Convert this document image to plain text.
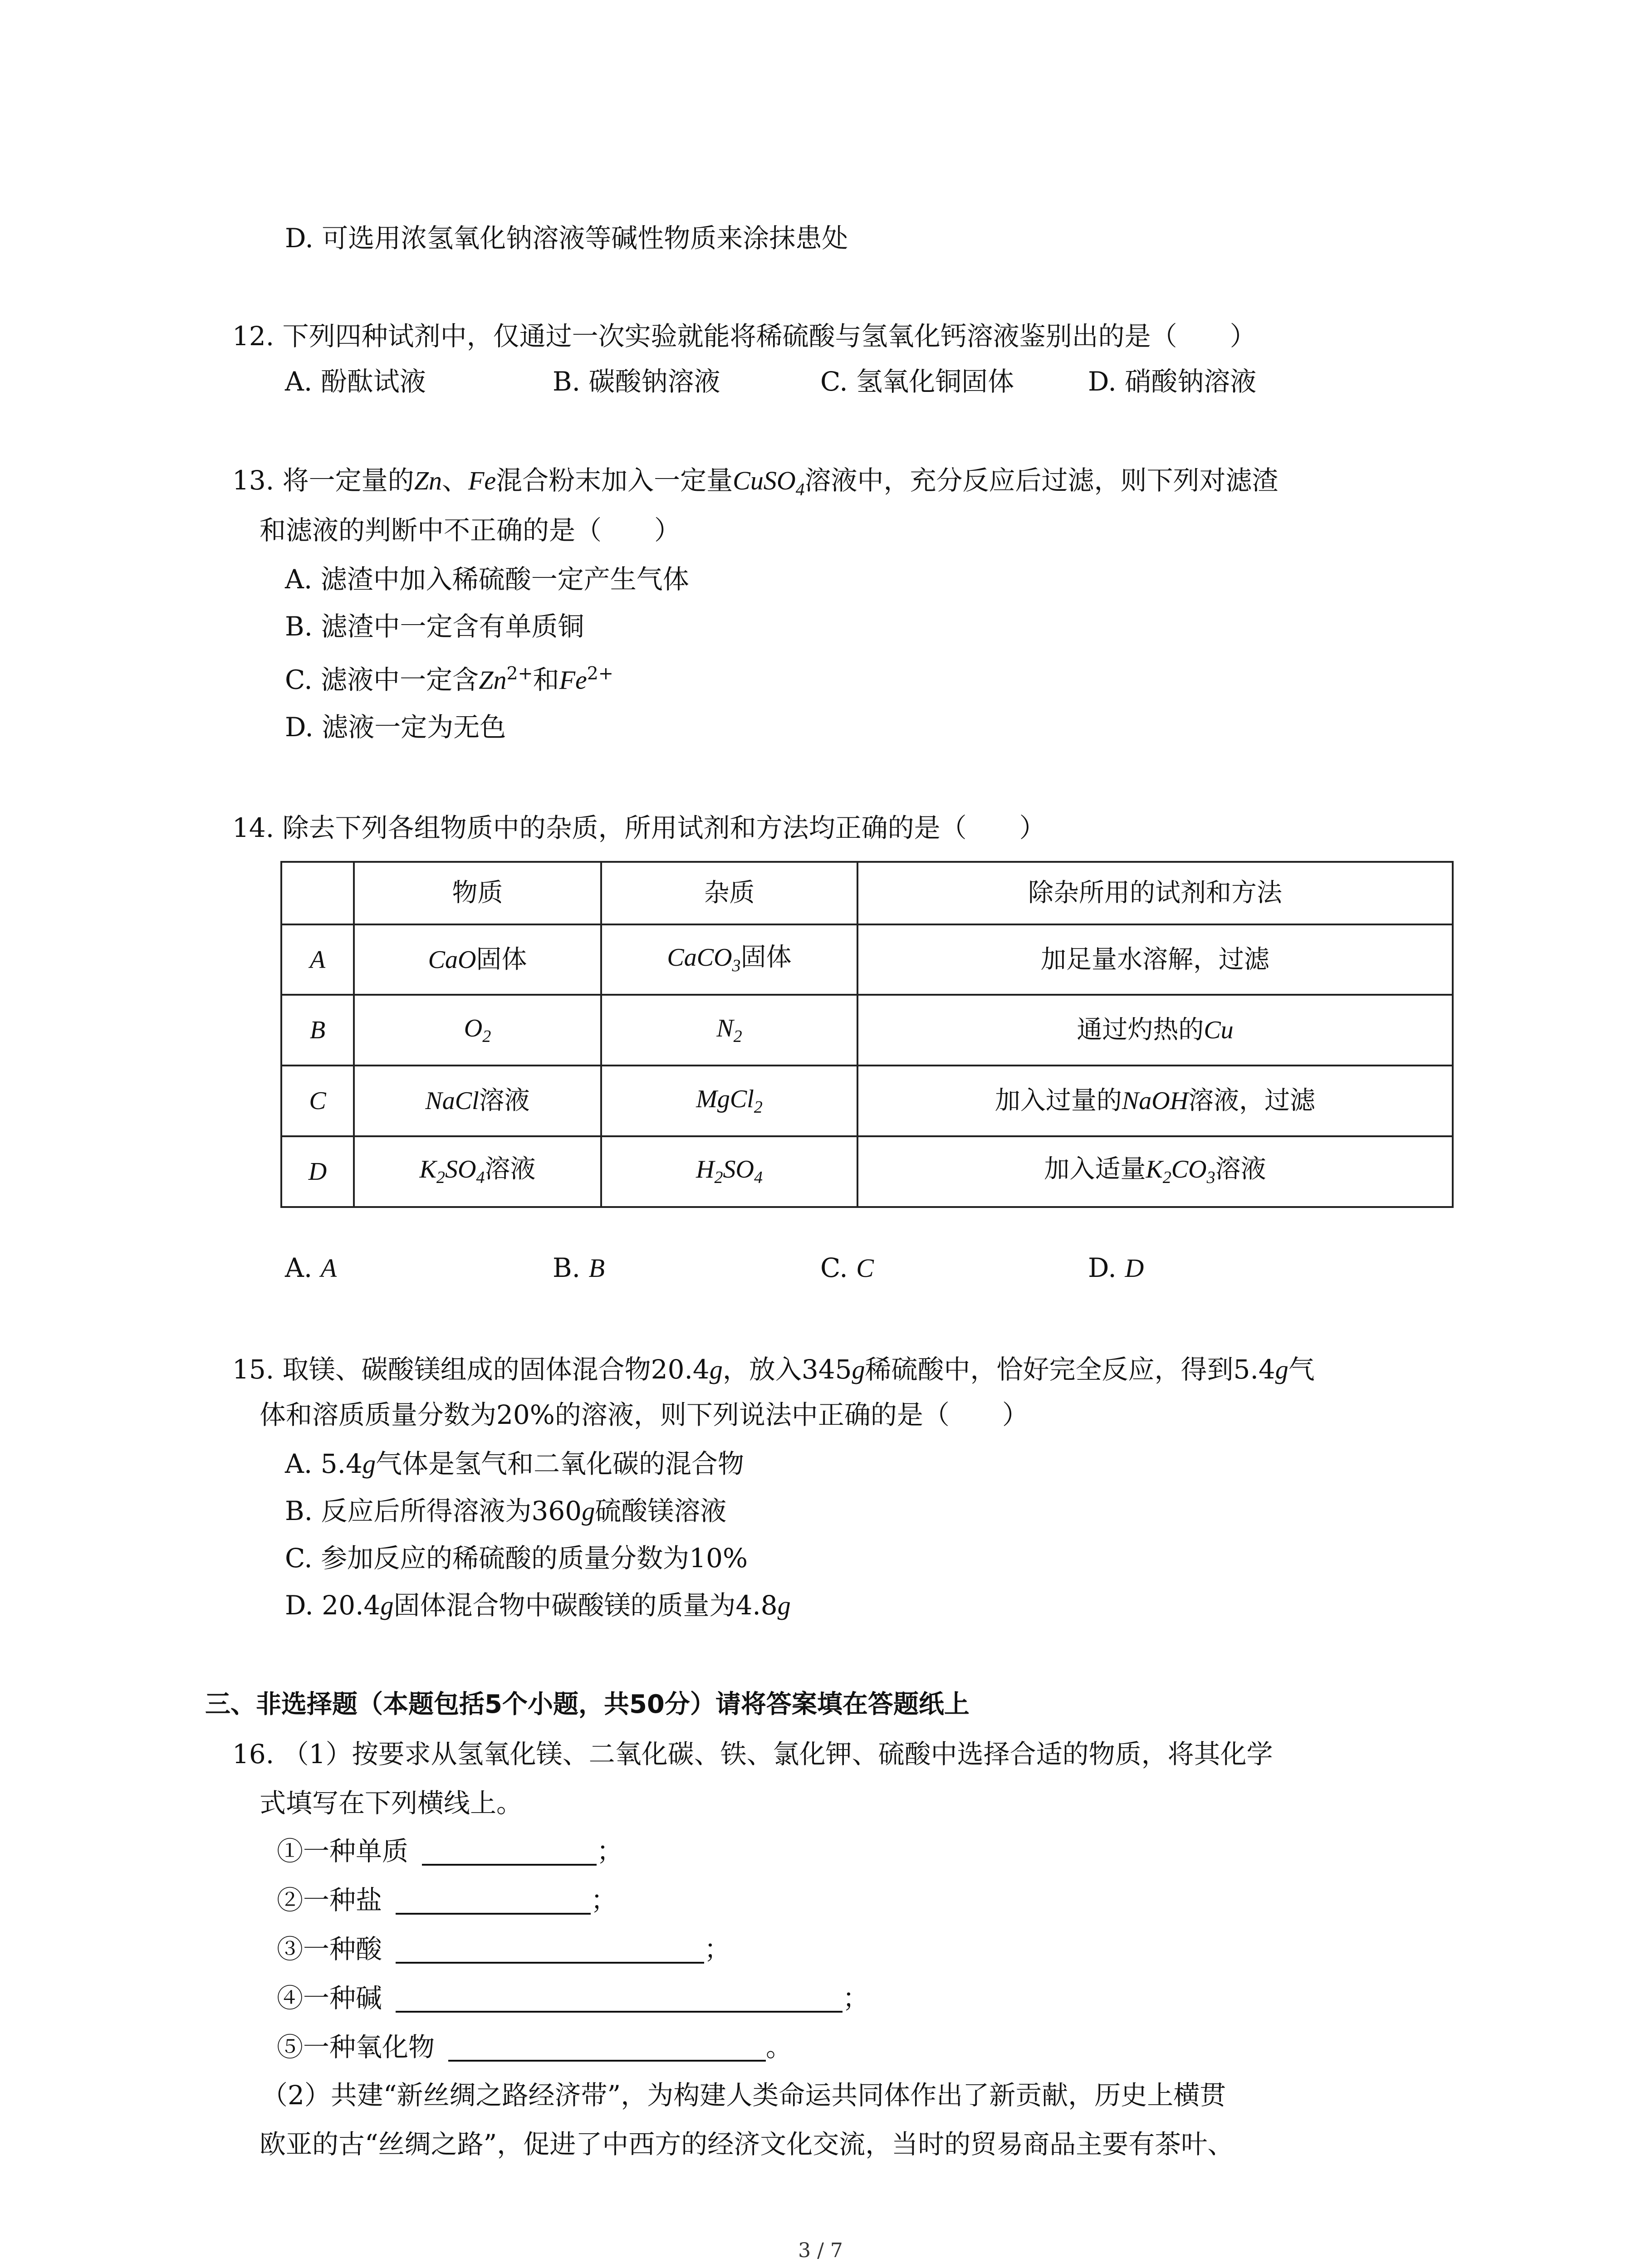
D. 可选用浓氢氧化钠溶液等碱性物质来涂抹患处
12. 下列四种试剂中，仅通过一次实验就能将稀硫酸与氢氧化钙溶液鉴别出的是（　　）
A. 酚酞试液	B. 碳酸钠溶液	C. 氢氧化铜固体	D. 硝酸钠溶液
13. 将一定量的Zn、Fe混合粉末加入一定量CuSO$_4$溶液中，充分反应后过滤，则下列对滤渣
和滤液的判断中不正确的是（　　）
A. 滤渣中加入稀硫酸一定产生气体
B. 滤渣中一定含有单质铜
C. 滤液中一定含$Zn^{2+}$和$Fe^{2+}$
D. 滤液一定为无色
14. 除去下列各组物质中的杂质，所用试剂和方法均正确的是（　　）
	物质	杂质	除杂所用的试剂和方法
A	CaO固体	CaCO$_3$固体	加足量水溶解，过滤
B	$O_2$	$N_2$	通过灼热的Cu
C	NaCl溶液	MgCl$_2$	加入过量的NaOH溶液，过滤
D	$K_2SO_4$溶液	$H_2SO_4$	加入适量$K_2CO_3$溶液
A. A	B. B	C. C	D. D
15. 取镁、碳酸镁组成的固体混合物20.4g，放入345g稀硫酸中，恰好完全反应，得到5.4g气
体和溶质质量分数为20%的溶液，则下列说法中正确的是（　　）
A. 5.4g气体是氢气和二氧化碳的混合物
B. 反应后所得溶液为360g硫酸镁溶液
C. 参加反应的稀硫酸的质量分数为10%
D. 20.4g固体混合物中碳酸镁的质量为4.8g
三、非选择题（本题包括5个小题，共50分）请将答案填在答题纸上
16. （1）按要求从氢氧化镁、二氧化碳、铁、氯化钾、硫酸中选择合适的物质，将其化学
式填写在下列横线上。
①一种单质	；
②一种盐	；
③一种酸	；
④一种碱	；
⑤一种氧化物	。
（2）共建“新丝绸之路经济带”，为构建人类命运共同体作出了新贡献，历史上横贯
欧亚的古“丝绸之路”，促进了中西方的经济文化交流，当时的贸易商品主要有茶叶、
3 / 7
